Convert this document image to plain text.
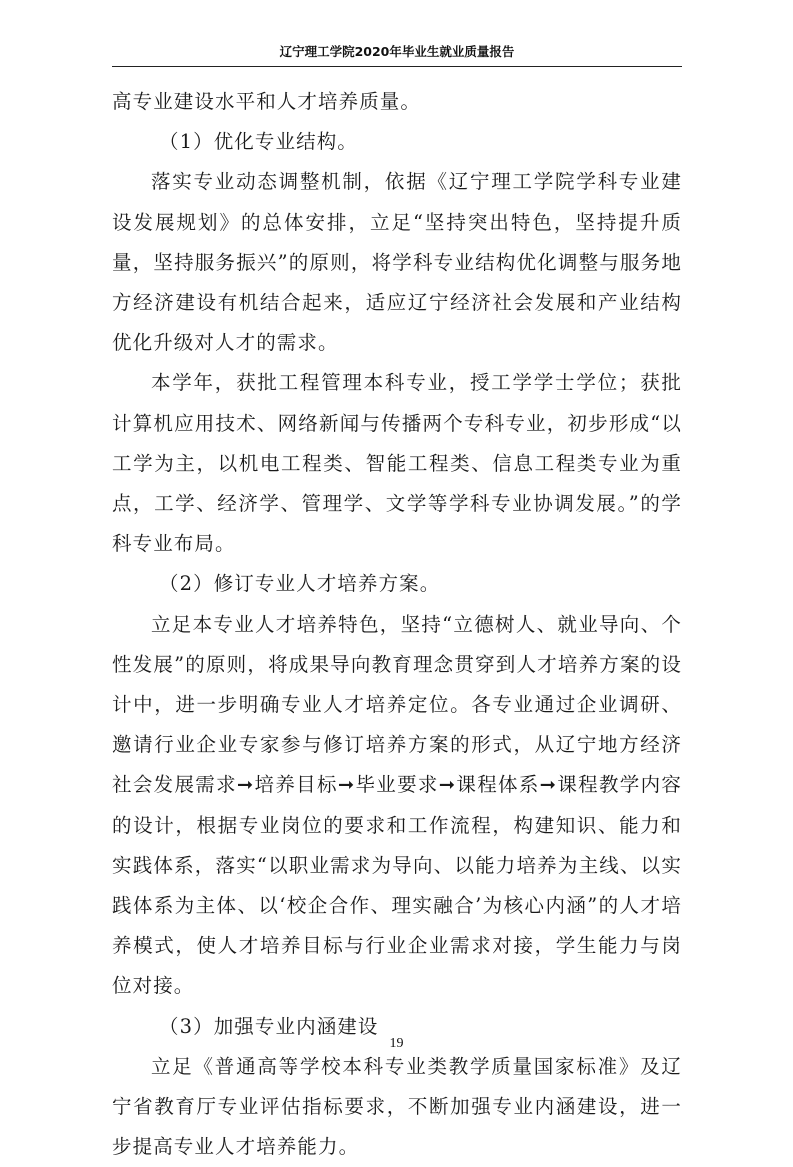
辽宁理工学院2020年毕业生就业质量报告

高专业建设水平和人才培养质量。

（1）优化专业结构。

落实专业动态调整机制，依据《辽宁理工学院学科专业建设发展规划》的总体安排，立足“坚持突出特色，坚持提升质量，坚持服务振兴”的原则，将学科专业结构优化调整与服务地方经济建设有机结合起来，适应辽宁经济社会发展和产业结构优化升级对人才的需求。

本学年，获批工程管理本科专业，授工学学士学位；获批计算机应用技术、网络新闻与传播两个专科专业，初步形成“以工学为主，以机电工程类、智能工程类、信息工程类专业为重点，工学、经济学、管理学、文学等学科专业协调发展。”的学科专业布局。

（2）修订专业人才培养方案。

立足本专业人才培养特色，坚持“立德树人、就业导向、个性发展”的原则，将成果导向教育理念贯穿到人才培养方案的设计中，进一步明确专业人才培养定位。各专业通过企业调研、邀请行业企业专家参与修订培养方案的形式，从辽宁地方经济社会发展需求➞培养目标➞毕业要求➞课程体系➞课程教学内容的设计，根据专业岗位的要求和工作流程，构建知识、能力和实践体系，落实“以职业需求为导向、以能力培养为主线、以实践体系为主体、以‘校企合作、理实融合’为核心内涵”的人才培养模式，使人才培养目标与行业企业需求对接，学生能力与岗位对接。

（3）加强专业内涵建设

立足《普通高等学校本科专业类教学质量国家标准》及辽宁省教育厅专业评估指标要求，不断加强专业内涵建设，进一步提高专业人才培养能力。

19
